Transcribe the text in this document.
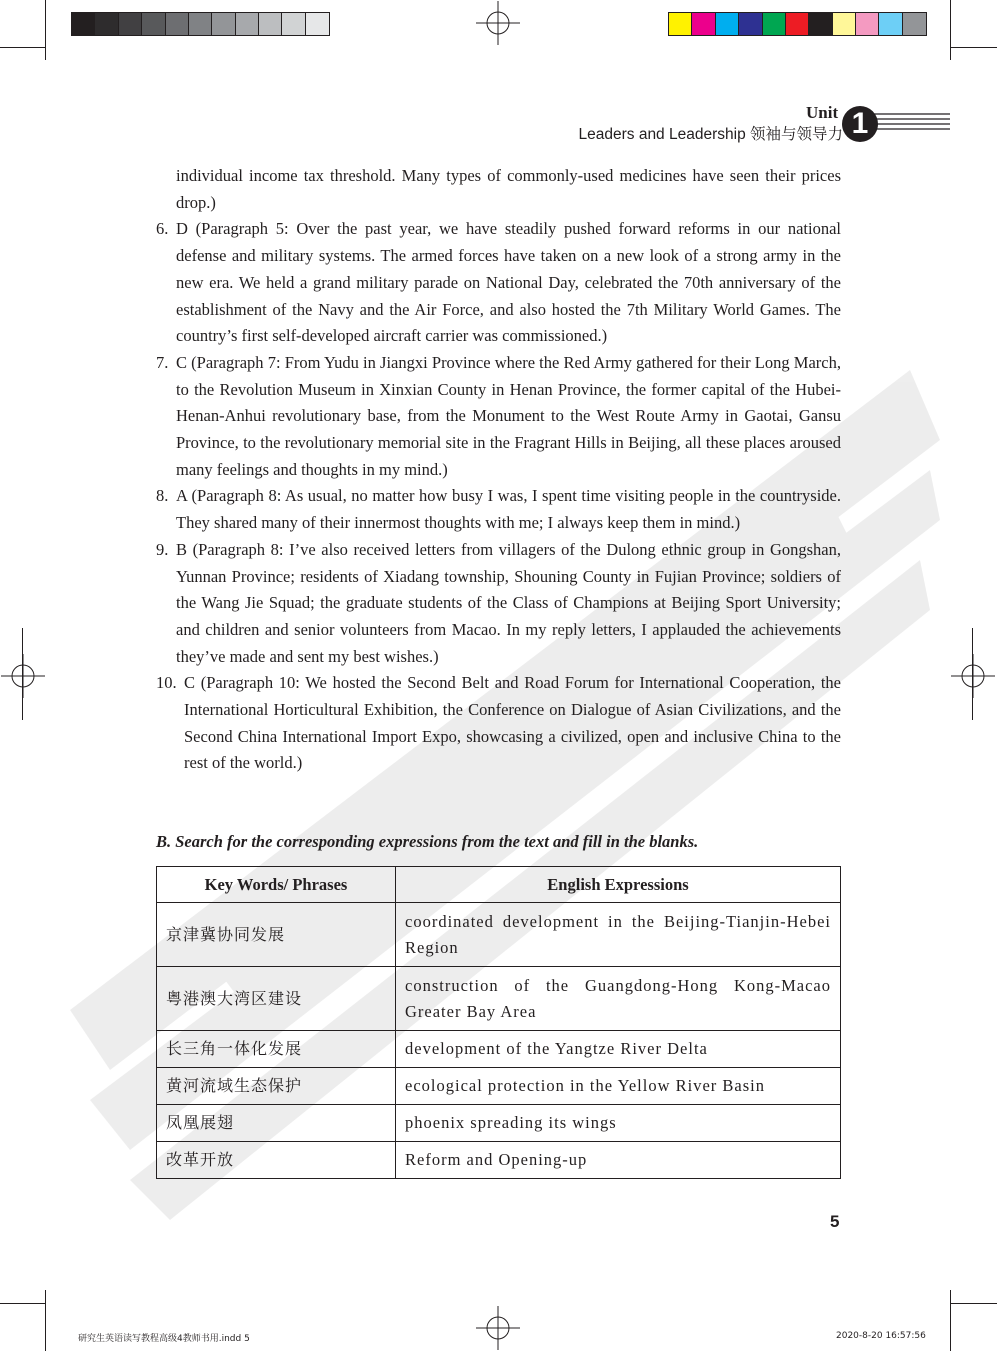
Unit
Leaders and Leadership 领袖与领导力 1

individual income tax threshold. Many types of commonly-used medicines have seen their prices drop.)

6. D (Paragraph 5: Over the past year, we have steadily pushed forward reforms in our national defense and military systems. The armed forces have taken on a new look of a strong army in the new era. We held a grand military parade on National Day, celebrated the 70th anniversary of the establishment of the Navy and the Air Force, and also hosted the 7th Military World Games. The country’s first self-developed aircraft carrier was commissioned.)

7. C (Paragraph 7: From Yudu in Jiangxi Province where the Red Army gathered for their Long March, to the Revolution Museum in Xinxian County in Henan Province, the former capital of the Hubei-Henan-Anhui revolutionary base, from the Monument to the West Route Army in Gaotai, Gansu Province, to the revolutionary memorial site in the Fragrant Hills in Beijing, all these places aroused many feelings and thoughts in my mind.)

8. A (Paragraph 8: As usual, no matter how busy I was, I spent time visiting people in the countryside. They shared many of their innermost thoughts with me; I always keep them in mind.)

9. B (Paragraph 8: I’ve also received letters from villagers of the Dulong ethnic group in Gongshan, Yunnan Province; residents of Xiadang township, Shouning County in Fujian Province; soldiers of the Wang Jie Squad; the graduate students of the Class of Champions at Beijing Sport University; and children and senior volunteers from Macao. In my reply letters, I applauded the achievements they’ve made and sent my best wishes.)

10. C (Paragraph 10: We hosted the Second Belt and Road Forum for International Cooperation, the International Horticultural Exhibition, the Conference on Dialogue of Asian Civilizations, and the Second China International Import Expo, showcasing a civilized, open and inclusive China to the rest of the world.)

B. Search for the corresponding expressions from the text and fill in the blanks.
Key Words/ Phrases	English Expressions
京津冀协同发展	coordinated development in the Beijing-Tianjin-Hebei Region
粤港澳大湾区建设	construction of the Guangdong-Hong Kong-Macao Greater Bay Area
长三角一体化发展	development of the Yangtze River Delta
黄河流域生态保护	ecological protection in the Yellow River Basin
凤凰展翅	phoenix spreading its wings
改革开放	Reform and Opening-up
5
研究生英语读写教程高级4教师书用.indd 5	2020-8-20 16:57:56
